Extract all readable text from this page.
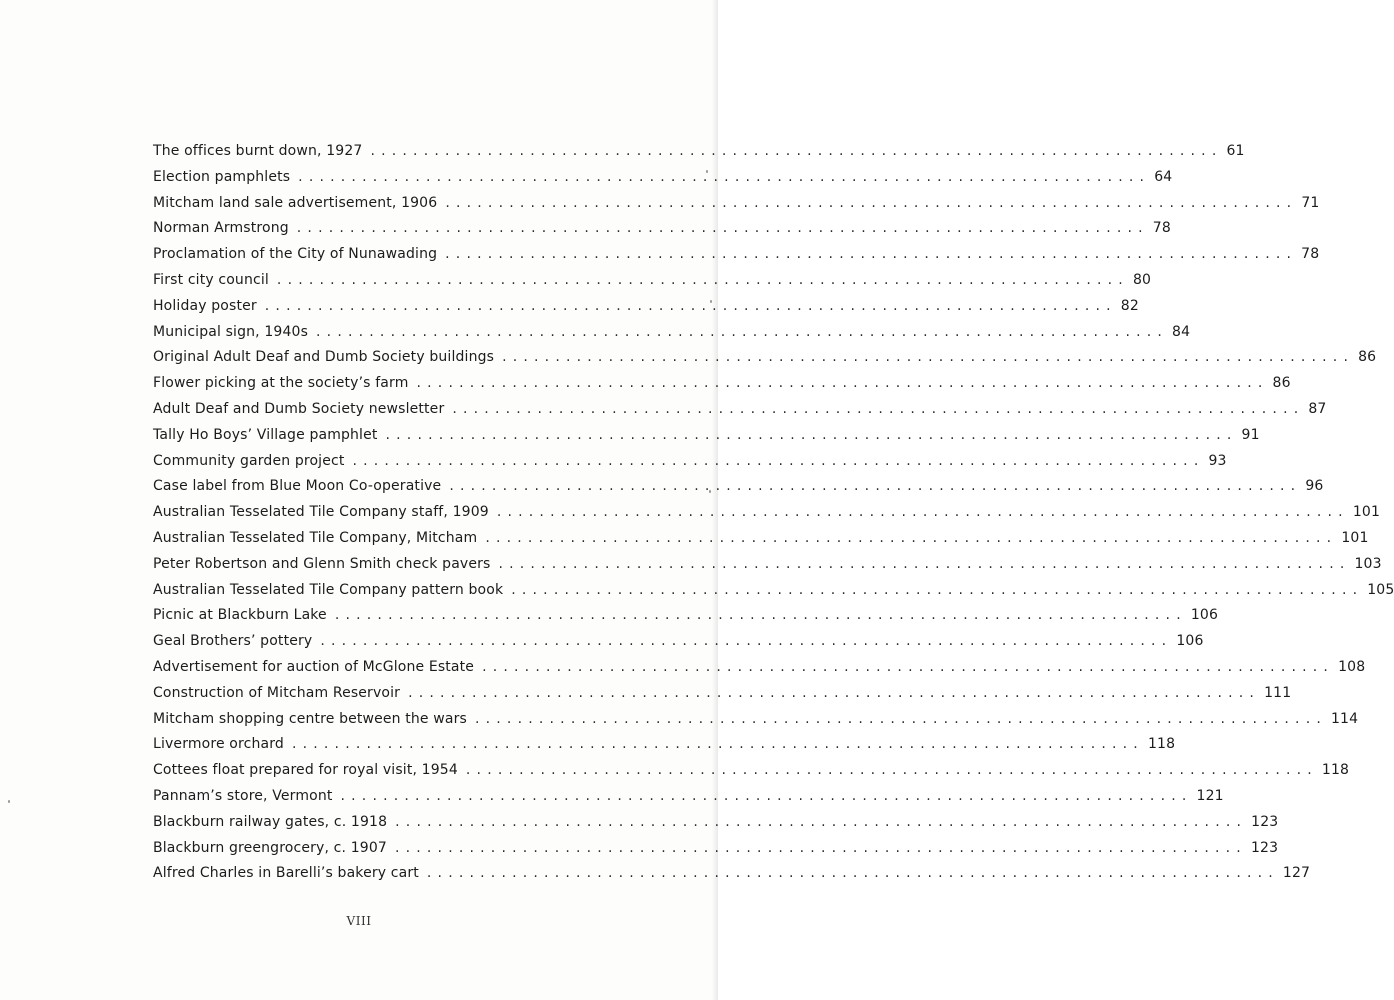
The offices burnt down, 1927 ................................................................................ 61
Election pamphlets ................................................................................ 64
Mitcham land sale advertisement, 1906 ................................................................................ 71
Norman Armstrong ................................................................................ 78
Proclamation of the City of Nunawading ................................................................................ 78
First city council ................................................................................ 80
Holiday poster ................................................................................ 82
Municipal sign, 1940s ................................................................................ 84
Original Adult Deaf and Dumb Society buildings ................................................................................ 86
Flower picking at the society’s farm ................................................................................ 86
Adult Deaf and Dumb Society newsletter ................................................................................ 87
Tally Ho Boys’ Village pamphlet ................................................................................ 91
Community garden project ................................................................................ 93
Case label from Blue Moon Co-operative ................................................................................ 96
Australian Tesselated Tile Company staff, 1909 ................................................................................ 101
Australian Tesselated Tile Company, Mitcham ................................................................................ 101
Peter Robertson and Glenn Smith check pavers ................................................................................ 103
Australian Tesselated Tile Company pattern book ................................................................................ 105
Picnic at Blackburn Lake ................................................................................ 106
Geal Brothers’ pottery ................................................................................ 106
Advertisement for auction of McGlone Estate ................................................................................ 108
Construction of Mitcham Reservoir ................................................................................ 111
Mitcham shopping centre between the wars ................................................................................ 114
Livermore orchard ................................................................................ 118
Cottees float prepared for royal visit, 1954 ................................................................................ 118
Pannam’s store, Vermont ................................................................................ 121
Blackburn railway gates, c. 1918 ................................................................................ 123
Blackburn greengrocery, c. 1907 ................................................................................ 123
Alfred Charles in Barelli’s bakery cart ................................................................................ 127
VIII
